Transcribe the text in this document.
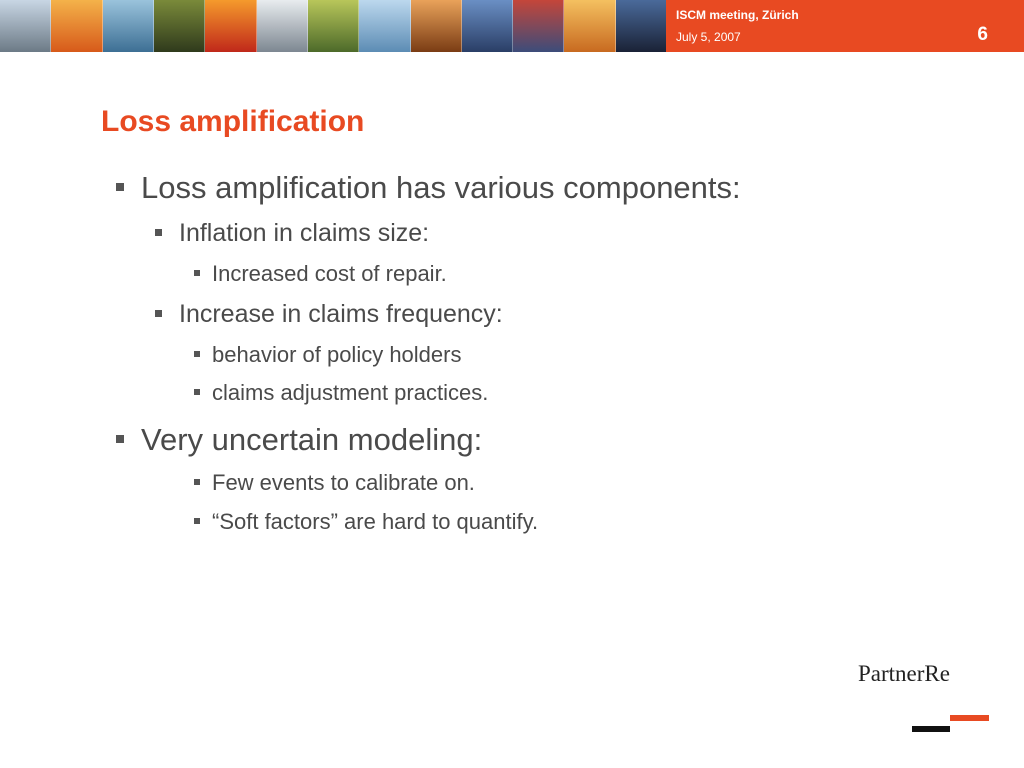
ISCM meeting, Zürich
July 5, 2007	6
Loss amplification
Loss amplification has various components:
Inflation in claims size:
Increased cost of repair.
Increase in claims frequency:
behavior of policy holders
claims adjustment practices.
Very uncertain modeling:
Few events to calibrate on.
“Soft factors” are hard to quantify.
PartnerRe
